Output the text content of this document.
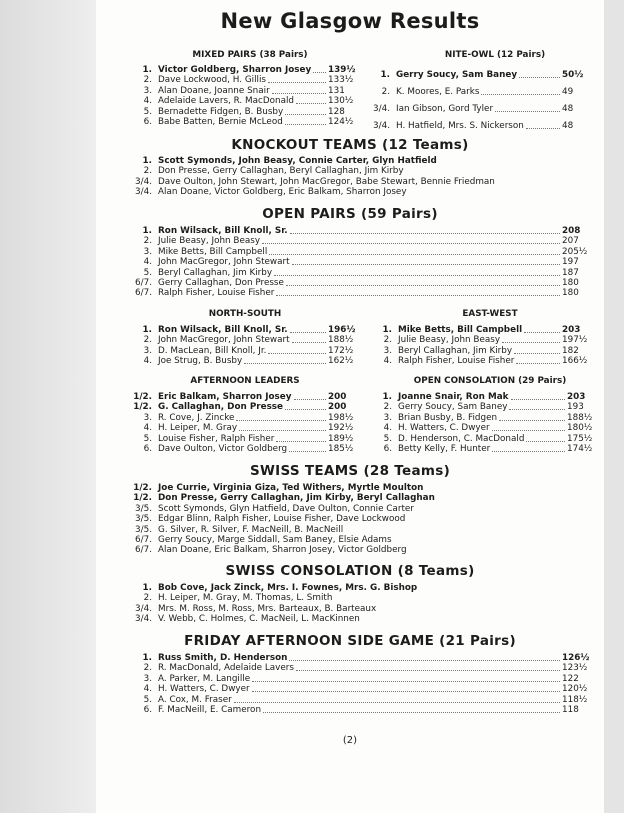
New Glasgow Results
MIXED PAIRS (38 Pairs)
1. Victor Goldberg, Sharron Josey 139½
2. Dave Lockwood, H. Gillis	133½
3. Alan Doane, Joanne Snair	131
4. Adelaide Lavers, R. MacDonald	130½
5. Bernadette Fidgen, B. Busby	128
6. Babe Batten, Bernie McLeod	124½
NITE-OWL (12 Pairs)
1. Gerry Soucy, Sam Baney	50½
2. K. Moores, E. Parks	49
3/4. Ian Gibson, Gord Tyler	48
3/4. H. Hatfield, Mrs. S. Nickerson	48
KNOCKOUT TEAMS (12 Teams)
1. Scott Symonds, John Beasy, Connie Carter, Glyn Hatfield
2. Don Presse, Gerry Callaghan, Beryl Callaghan, Jim Kirby
3/4. Dave Oulton, John Stewart, John MacGregor, Babe Stewart, Bennie Friedman
3/4. Alan Doane, Victor Goldberg, Eric Balkam, Sharron Josey
OPEN PAIRS (59 Pairs)
1. Ron Wilsack, Bill Knoll, Sr.	208
2. Julie Beasy, John Beasy	207
3. Mike Betts, Bill Campbell	205½
4. John MacGregor, John Stewart	197
5. Beryl Callaghan, Jim Kirby	187
6/7. Gerry Callaghan, Don Presse	180
6/7. Ralph Fisher, Louise Fisher	180
NORTH-SOUTH
1. Ron Wilsack, Bill Knoll, Sr.	196½
2. John MacGregor, John Stewart	188½
3. D. MacLean, Bill Knoll, Jr.	172½
4. Joe Strug, B. Busby	162½
EAST-WEST
1. Mike Betts, Bill Campbell	203
2. Julie Beasy, John Beasy	197½
3. Beryl Callaghan, Jim Kirby	182
4. Ralph Fisher, Louise Fisher	166½
AFTERNOON LEADERS
1/2. Eric Balkam, Sharron Josey	200
1/2. G. Callaghan, Don Presse	200
3. R. Cove, J. Zincke	198½
4. H. Leiper, M. Gray	192½
5. Louise Fisher, Ralph Fisher	189½
6. Dave Oulton, Victor Goldberg	185½
OPEN CONSOLATION (29 Pairs)
1. Joanne Snair, Ron Mak	203
2. Gerry Soucy, Sam Baney	193
3. Brian Busby, B. Fidgen	188½
4. H. Watters, C. Dwyer	180½
5. D. Henderson, C. MacDonald	175½
6. Betty Kelly, F. Hunter	174½
SWISS TEAMS (28 Teams)
1/2. Joe Currie, Virginia Giza, Ted Withers, Myrtle Moulton
1/2. Don Presse, Gerry Callaghan, Jim Kirby, Beryl Callaghan
3/5. Scott Symonds, Glyn Hatfield, Dave Oulton, Connie Carter
3/5. Edgar Blinn, Ralph Fisher, Louise Fisher, Dave Lockwood
3/5. G. Silver, R. Silver, F. MacNeill, B. MacNeill
6/7. Gerry Soucy, Marge Siddall, Sam Baney, Elsie Adams
6/7. Alan Doane, Eric Balkam, Sharron Josey, Victor Goldberg
SWISS CONSOLATION (8 Teams)
1. Bob Cove, Jack Zinck, Mrs. I. Fownes, Mrs. G. Bishop
2. H. Leiper, M. Gray, M. Thomas, L. Smith
3/4. Mrs. M. Ross, M. Ross, Mrs. Barteaux, B. Barteaux
3/4. V. Webb, C. Holmes, C. MacNeil, L. MacKinnen
FRIDAY AFTERNOON SIDE GAME (21 Pairs)
1. Russ Smith, D. Henderson	126½
2. R. MacDonald, Adelaide Lavers	123½
3. A. Parker, M. Langille	122
4. H. Watters, C. Dwyer	120½
5. A. Cox, M. Fraser	118½
6. F. MacNeill, E. Cameron	118
(2)
